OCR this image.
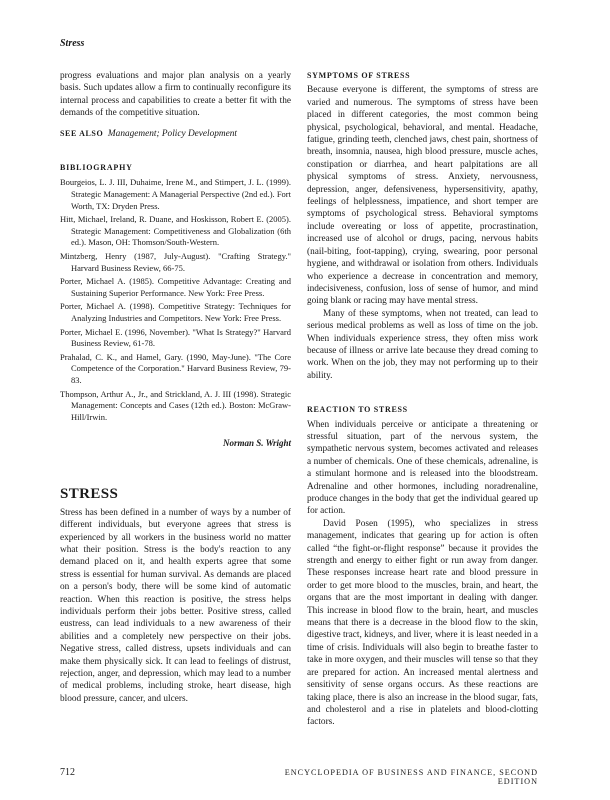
Stress

progress evaluations and major plan analysis on a yearly basis. Such updates allow a firm to continually reconfigure its internal process and capabilities to create a better fit with the demands of the competitive situation.

SEE ALSO Management; Policy Development

BIBLIOGRAPHY

Bourgeios, L. J. III, Duhaime, Irene M., and Stimpert, J. L. (1999). Strategic Management: A Managerial Perspective (2nd ed.). Fort Worth, TX: Dryden Press.

Hitt, Michael, Ireland, R. Duane, and Hoskisson, Robert E. (2005). Strategic Management: Competitiveness and Globalization (6th ed.). Mason, OH: Thomson/South-Western.

Mintzberg, Henry (1987, July-August). "Crafting Strategy." Harvard Business Review, 66-75.

Porter, Michael A. (1985). Competitive Advantage: Creating and Sustaining Superior Performance. New York: Free Press.

Porter, Michael A. (1998). Competitive Strategy: Techniques for Analyzing Industries and Competitors. New York: Free Press.

Porter, Michael E. (1996, November). "What Is Strategy?" Harvard Business Review, 61-78.

Prahalad, C. K., and Hamel, Gary. (1990, May-June). "The Core Competence of the Corporation." Harvard Business Review, 79-83.

Thompson, Arthur A., Jr., and Strickland, A. J. III (1998). Strategic Management: Concepts and Cases (12th ed.). Boston: McGraw-Hill/Irwin.

Norman S. Wright
STRESS

Stress has been defined in a number of ways by a number of different individuals, but everyone agrees that stress is experienced by all workers in the business world no matter what their position. Stress is the body's reaction to any demand placed on it, and health experts agree that some stress is essential for human survival. As demands are placed on a person's body, there will be some kind of automatic reaction. When this reaction is positive, the stress helps individuals perform their jobs better. Positive stress, called eustress, can lead individuals to a new awareness of their abilities and a completely new perspective on their jobs. Negative stress, called distress, upsets individuals and can make them physically sick. It can lead to feelings of distrust, rejection, anger, and depression, which may lead to a number of medical problems, including stroke, heart disease, high blood pressure, cancer, and ulcers.

SYMPTOMS OF STRESS

Because everyone is different, the symptoms of stress are varied and numerous. The symptoms of stress have been placed in different categories, the most common being physical, psychological, behavioral, and mental. Headache, fatigue, grinding teeth, clenched jaws, chest pain, shortness of breath, insomnia, nausea, high blood pressure, muscle aches, constipation or diarrhea, and heart palpitations are all physical symptoms of stress. Anxiety, nervousness, depression, anger, defensiveness, hypersensitivity, apathy, feelings of helplessness, impatience, and short temper are symptoms of psychological stress. Behavioral symptoms include overeating or loss of appetite, procrastination, increased use of alcohol or drugs, pacing, nervous habits (nail-biting, foot-tapping), crying, swearing, poor personal hygiene, and withdrawal or isolation from others. Individuals who experience a decrease in concentration and memory, indecisiveness, confusion, loss of sense of humor, and mind going blank or racing may have mental stress.

Many of these symptoms, when not treated, can lead to serious medical problems as well as loss of time on the job. When individuals experience stress, they often miss work because of illness or arrive late because they dread coming to work. When on the job, they may not performing up to their ability.

REACTION TO STRESS

When individuals perceive or anticipate a threatening or stressful situation, part of the nervous system, the sympathetic nervous system, becomes activated and releases a number of chemicals. One of these chemicals, adrenaline, is a stimulant hormone and is released into the bloodstream. Adrenaline and other hormones, including noradrenaline, produce changes in the body that get the individual geared up for action.

David Posen (1995), who specializes in stress management, indicates that gearing up for action is often called “the fight-or-flight response” because it provides the strength and energy to either fight or run away from danger. These responses increase heart rate and blood pressure in order to get more blood to the muscles, brain, and heart, the organs that are the most important in dealing with danger. This increase in blood flow to the brain, heart, and muscles means that there is a decrease in the blood flow to the skin, digestive tract, kidneys, and liver, where it is least needed in a time of crisis. Individuals will also begin to breathe faster to take in more oxygen, and their muscles will tense so that they are prepared for action. An increased mental alertness and sensitivity of sense organs occurs. As these reactions are taking place, there is also an increase in the blood sugar, fats, and cholesterol and a rise in platelets and blood-clotting factors.

712	ENCYCLOPEDIA OF BUSINESS AND FINANCE, SECOND EDITION
